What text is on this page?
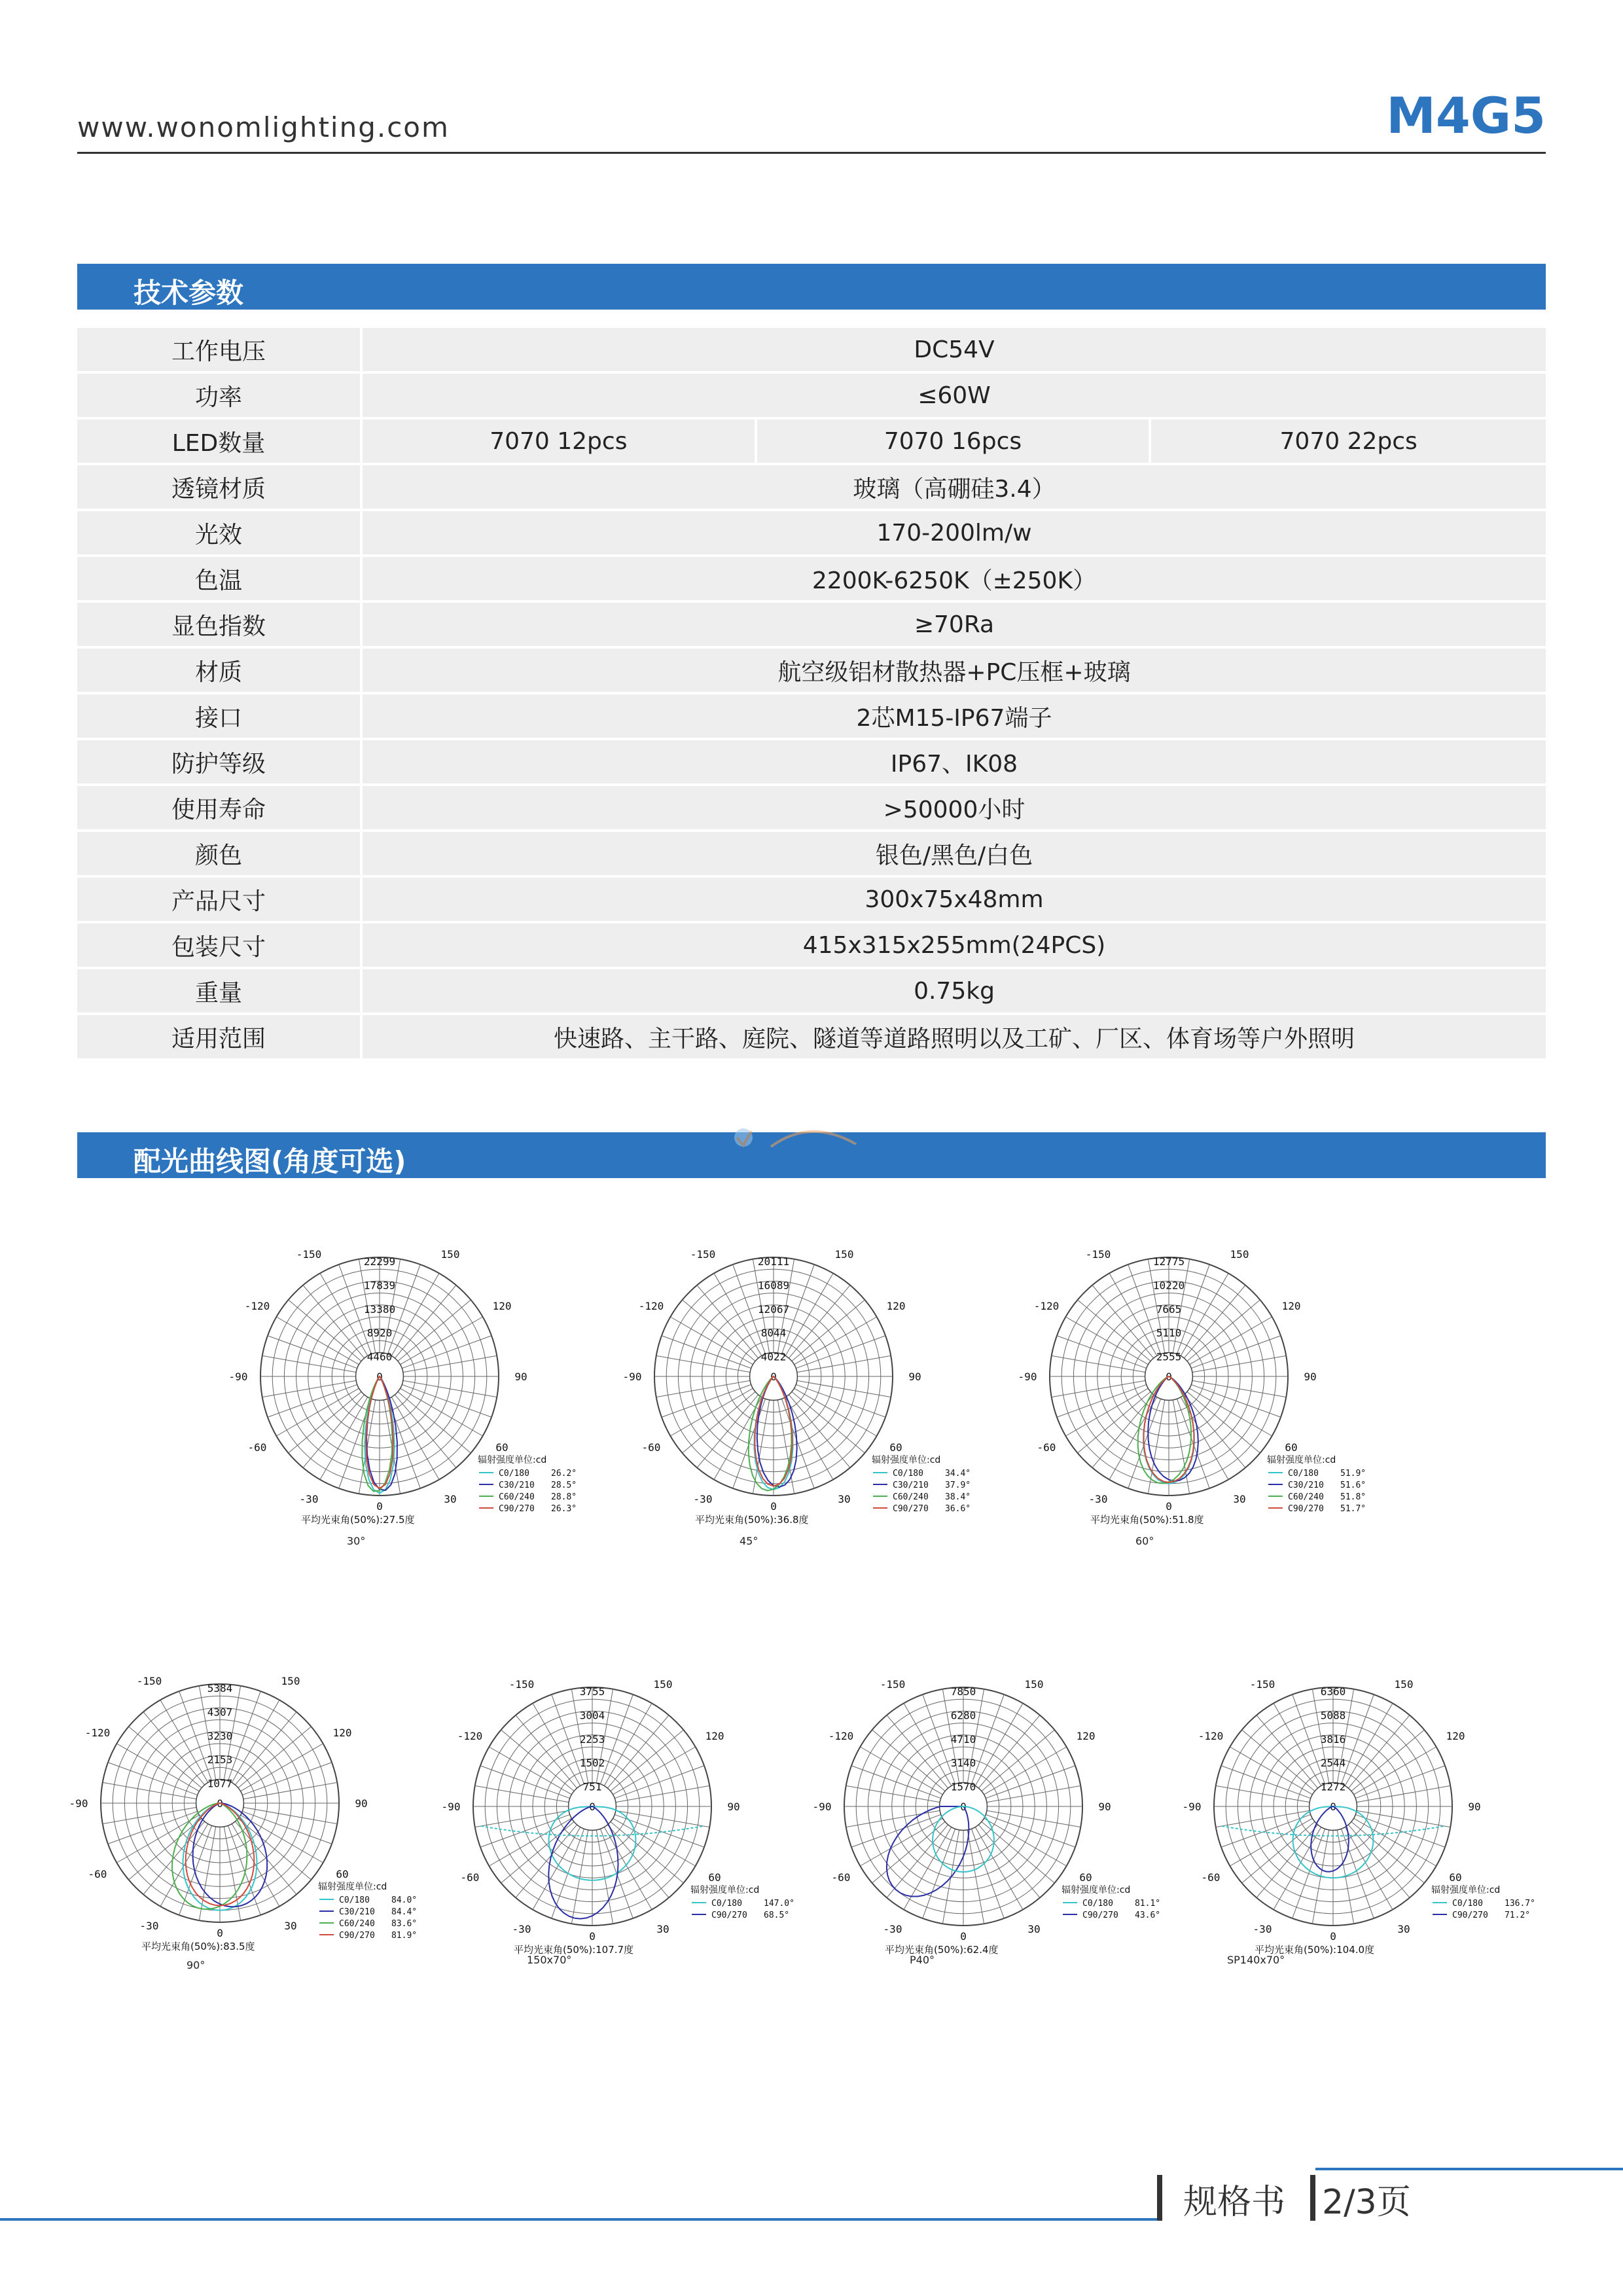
www.wonomlighting.com	M4G5
技术参数
工作电压	DC54V		
功率	≤60W		
LED数量	7070 12pcs	7070 16pcs	7070 22pcs
透镜材质	玻璃（高硼硅3.4）		
光效	170-200lm/w		
色温	2200K-6250K（±250K）		
显色指数	≥70Ra		
材质	航空级铝材散热器+PC压框+玻璃		
接口	2芯M15-IP67端子		
防护等级	IP67、IK08		
使用寿命	>50000小时		
颜色	银色/黑色/白色		
产品尺寸	300x75x48mm		
包装尺寸	415x315x255mm(24PCS)		
重量	0.75kg		
适用范围	快速路、主干路、庭院、隧道等道路照明以及工矿、厂区、体育场等户外照明		
配光曲线图(角度可选)	沃 能 智 造
22299
17839
13380
8920
4460
0
-150	150
-120	120
-90	90
-60	60
-30	30
0
辐射强度单位:cd
C0/180	26.2°
C30/210 28.5°
C60/240 28.8°
C90/270 26.3°
平均光束角(50%):27.5度
30°
20111
16089
12067
8044
4022
0
-150	150
-120	120
-90	90
-60	60
-30	30
0
辐射强度单位:cd
C0/180	34.4°
C30/210 37.9°
C60/240 38.4°
C90/270 36.6°
平均光束角(50%):36.8度
45°
12775
10220
7665
5110
2555
0
-150	150
-120	120
-90	90
-60	60
-30	30
0
辐射强度单位:cd
C0/180	51.9°
C30/210 51.6°
C60/240 51.8°
C90/270 51.7°
平均光束角(50%):51.8度
60°
5384
4307
3230
2153
1077
0
-150	150
-120	120
-90	90
-60	60
-30	30
0
辐射强度单位:cd
C0/180	84.0°
C30/210 84.4°
C60/240 83.6°
C90/270 81.9°
平均光束角(50%):83.5度
90°
3755
3004
2253
1502
751
0
-150	150
-120	120
-90	90
-60	60
-30	30
0
辐射强度单位:cd
C0/180	147.0°
C90/270 68.5°
平均光束角(50%):107.7度
150x70°
7850
6280
4710
3140
1570
0
-150	150
-120	120
-90	90
-60	60
-30	30
0
辐射强度单位:cd
C0/180	81.1°
C90/270 43.6°
平均光束角(50%):62.4度
P40°
6360
5088
3816
2544
1272
0
-150	150
-120	120
-90	90
-60	60
-30	30
0
辐射强度单位:cd
C0/180	136.7°
C90/270 71.2°
平均光束角(50%):104.0度
SP140x70°
规格书 2/3页
